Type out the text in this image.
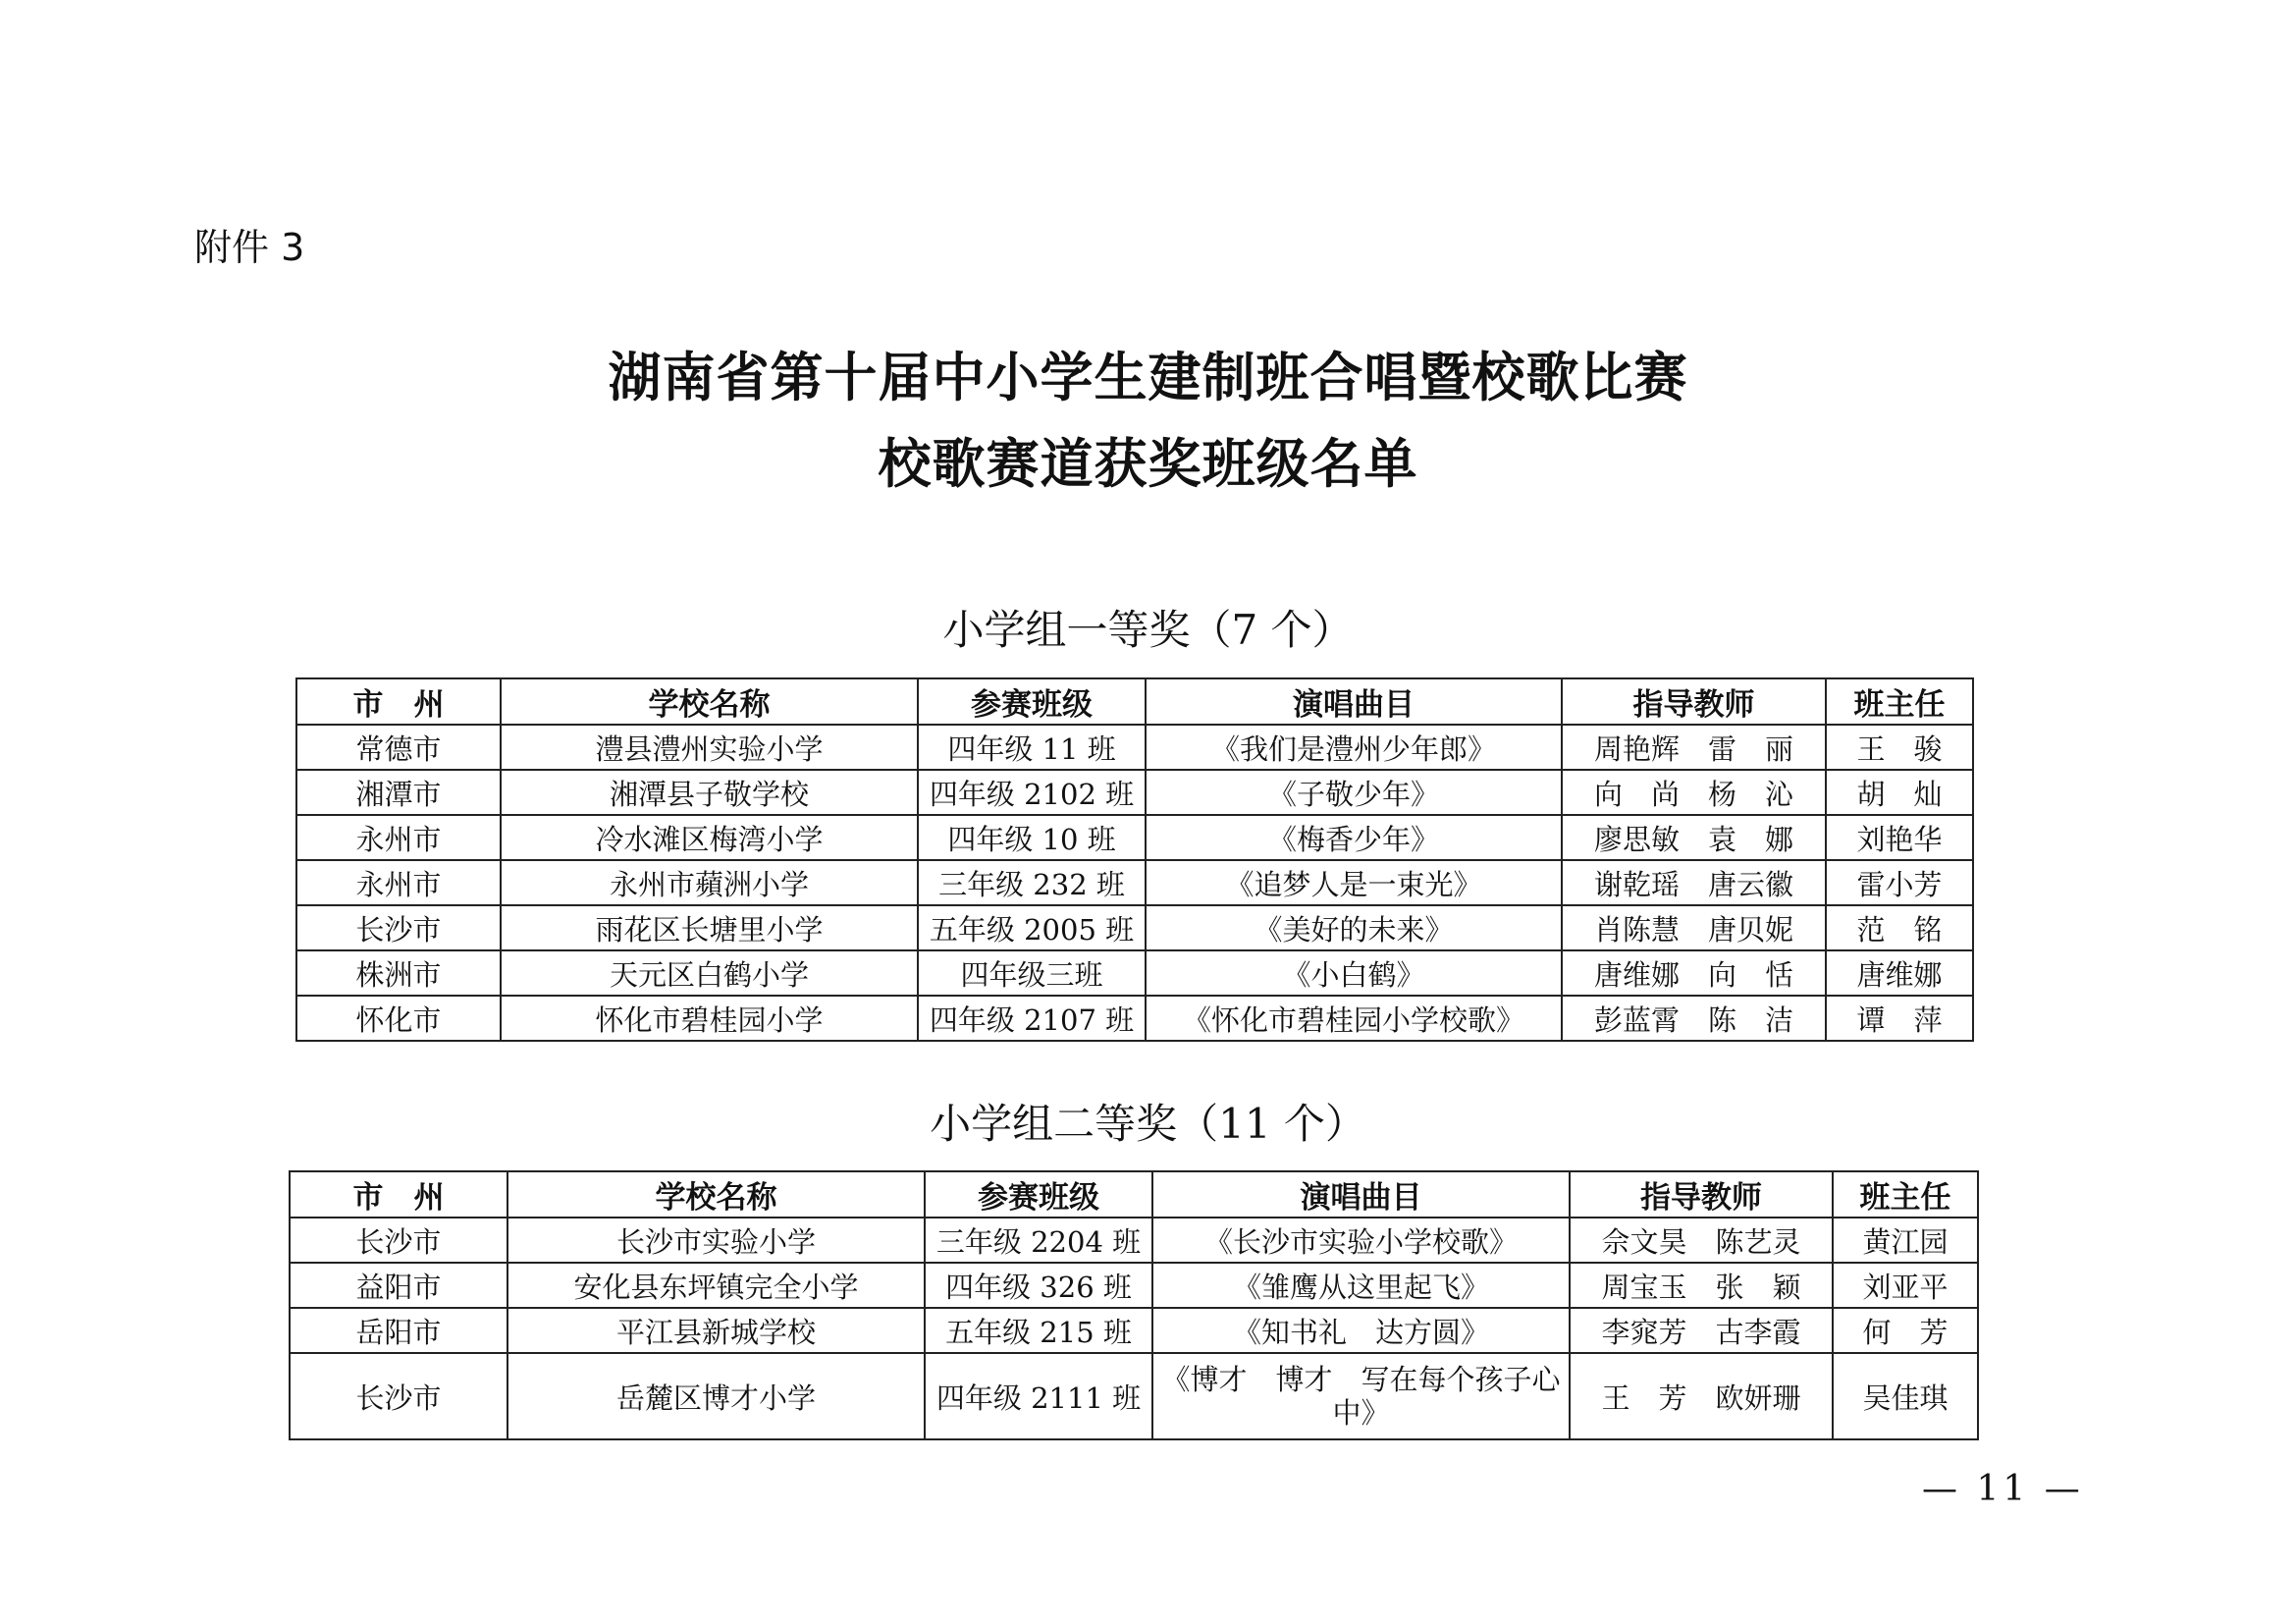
附件 3
湖南省第十届中小学生建制班合唱暨校歌比赛
校歌赛道获奖班级名单
小学组一等奖（7 个）
市　州	学校名称	参赛班级	演唱曲目	指导教师	班主任
常德市	澧县澧州实验小学	四年级 11 班	《我们是澧州少年郎》	周艳辉　雷　丽	王　骏
湘潭市	湘潭县子敬学校	四年级 2102 班	《子敬少年》	向　尚　杨　沁	胡　灿
永州市	冷水滩区梅湾小学	四年级 10 班	《梅香少年》	廖思敏　袁　娜	刘艳华
永州市	永州市蘋洲小学	三年级 232 班	《追梦人是一束光》	谢乾瑶　唐云徽	雷小芳
长沙市	雨花区长塘里小学	五年级 2005 班	《美好的未来》	肖陈慧　唐贝妮	范　铭
株洲市	天元区白鹤小学	四年级三班	《小白鹤》	唐维娜　向　恬	唐维娜
怀化市	怀化市碧桂园小学	四年级 2107 班	《怀化市碧桂园小学校歌》	彭蓝霄　陈　洁	谭　萍
小学组二等奖（11 个）
市　州	学校名称	参赛班级	演唱曲目	指导教师	班主任
长沙市	长沙市实验小学	三年级 2204 班	《长沙市实验小学校歌》	佘文昊　陈艺灵	黄江园
益阳市	安化县东坪镇完全小学	四年级 326 班	《雏鹰从这里起飞》	周宝玉　张　颖	刘亚平
岳阳市	平江县新城学校	五年级 215 班	《知书礼　达方圆》	李窕芳　古李霞	何　芳
长沙市	岳麓区博才小学	四年级 2111 班	《博才　博才　写在每个孩子心中》	王　芳　欧妍珊	吴佳琪
— 11 —
